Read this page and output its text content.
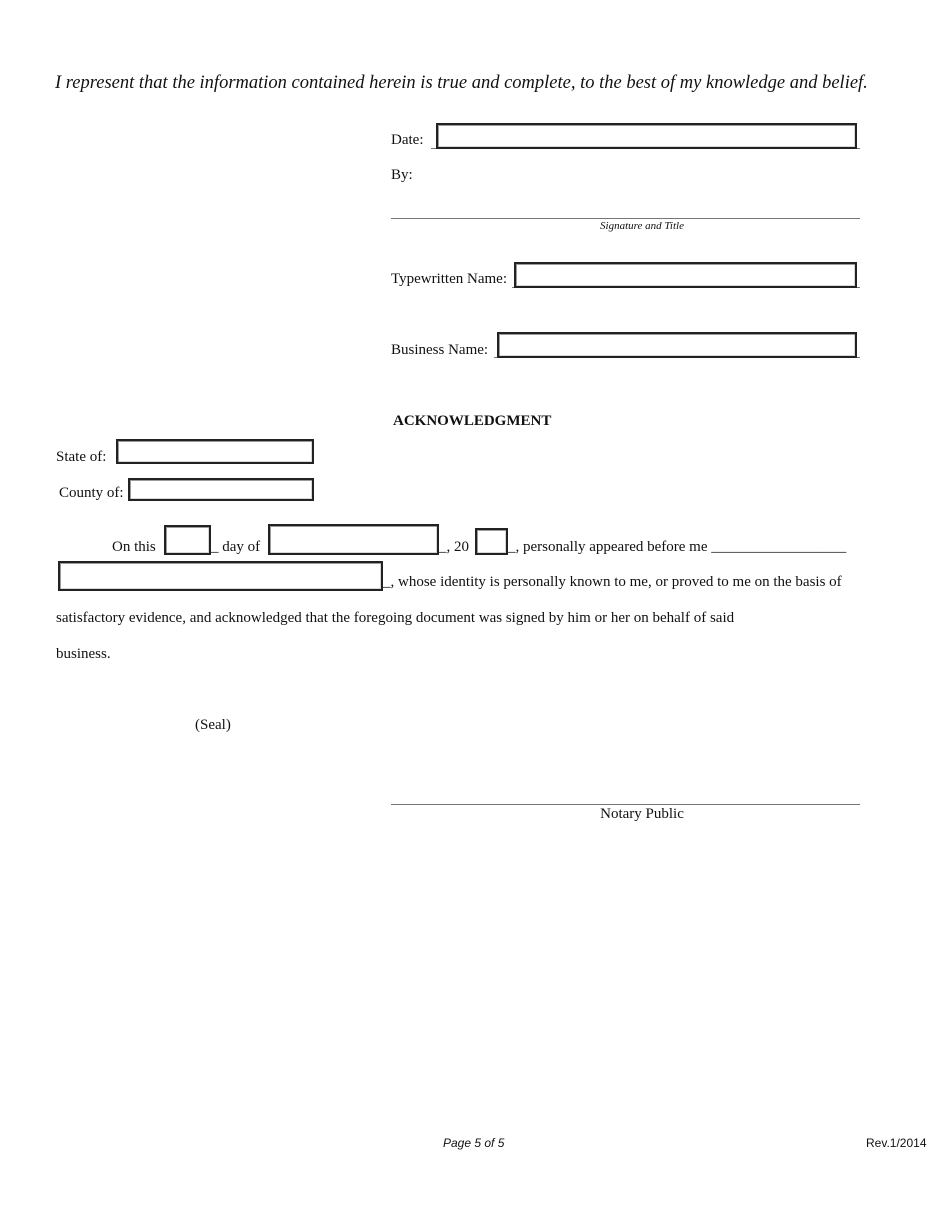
I represent that the information contained herein is true and complete, to the best of my knowledge and belief.
Date:
By:
Signature and Title
Typewritten Name:
Business Name:
ACKNOWLEDGMENT
State of:
County of:
On this	_ day of	_, 20	_, personally appeared before me __________________
_, whose identity is personally known to me, or proved to me on the basis of
satisfactory evidence, and acknowledged that the foregoing document was signed by him or her on behalf of said
business.
(Seal)
Notary Public
Page 5 of 5	Rev.1/2014
